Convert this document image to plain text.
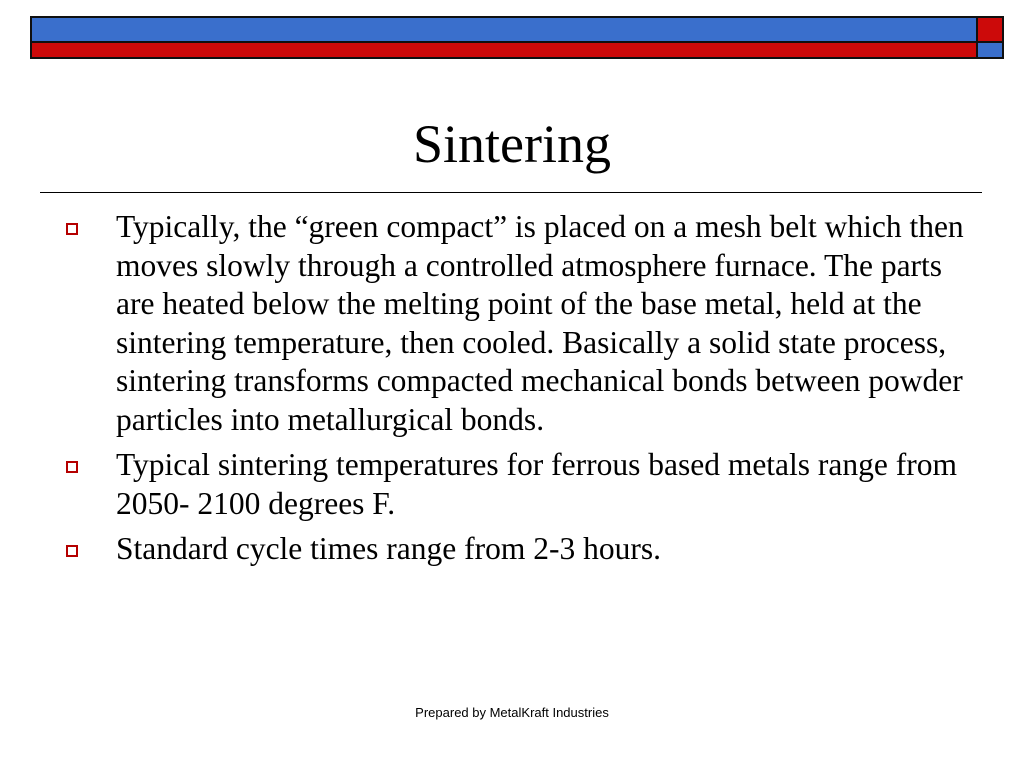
Sintering
Typically, the “green compact” is placed on a mesh belt which then moves slowly through a controlled atmosphere furnace. The parts are heated below the melting point of the base metal, held at the sintering temperature, then cooled. Basically a solid state process, sintering transforms compacted mechanical bonds between powder particles into metallurgical bonds.
Typical sintering temperatures for ferrous based metals range from 2050- 2100 degrees F.
Standard cycle times range from 2-3 hours.
Prepared by MetalKraft Industries
